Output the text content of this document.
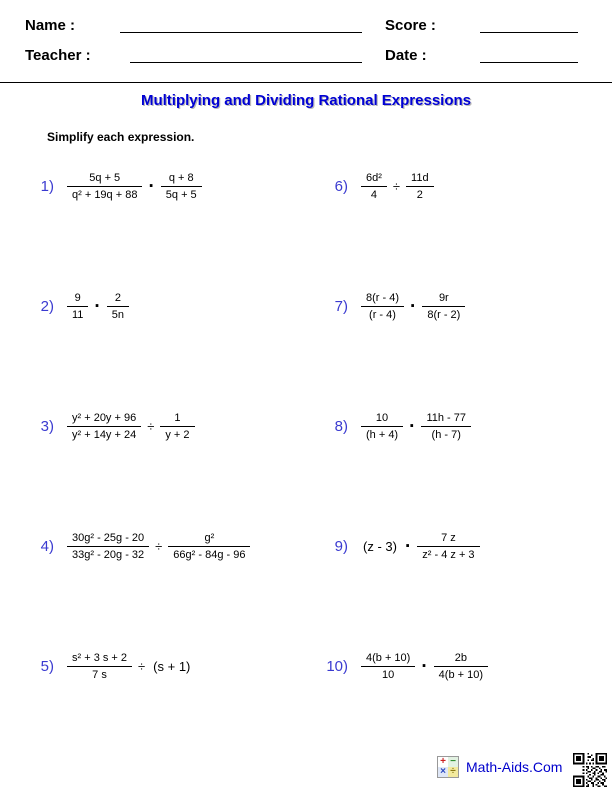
Name :	Score :
Teacher :	Date :
Multiplying and Dividing Rational Expressions
Simplify each expression.
$1) \frac{5q + 5}{\text{q² + 19q + 88}} \cdot \frac{q + 8}{5q + 5}$
$2) \frac{9}{11} \cdot \frac{2}{5n}$
$3) \frac{\text{y² + 20y + 96}}{\text{y² + 14y + 24}} \div \frac{1}{y + 2}$
$4) \frac{\text{30g² - 25g - 20}}{\text{33g² - 20g - 32}} \div \frac{\text{g²}}{\text{66g² - 84g - 96}}$
$5) \frac{\text{s² + 3 s + 2}}{7 s} \div (s + 1)$
$6) \frac{\text{6d²}}{4} \div \frac{11d}{2}$
$7) \frac{8(r - 4)}{(r - 4)} \cdot \frac{9r}{8(r - 2)}$
$8) \frac{10}{(h + 4)} \cdot \frac{11h - 77}{(h - 7)}$
9) $(z - 3) \cdot \frac{7 z}{\text{z² - 4 z + 3}}$
$10) \frac{4(b + 10)}{10} \cdot \frac{2b}{4(b + 10)}$
+ −
× ÷ Math-Aids.Com
